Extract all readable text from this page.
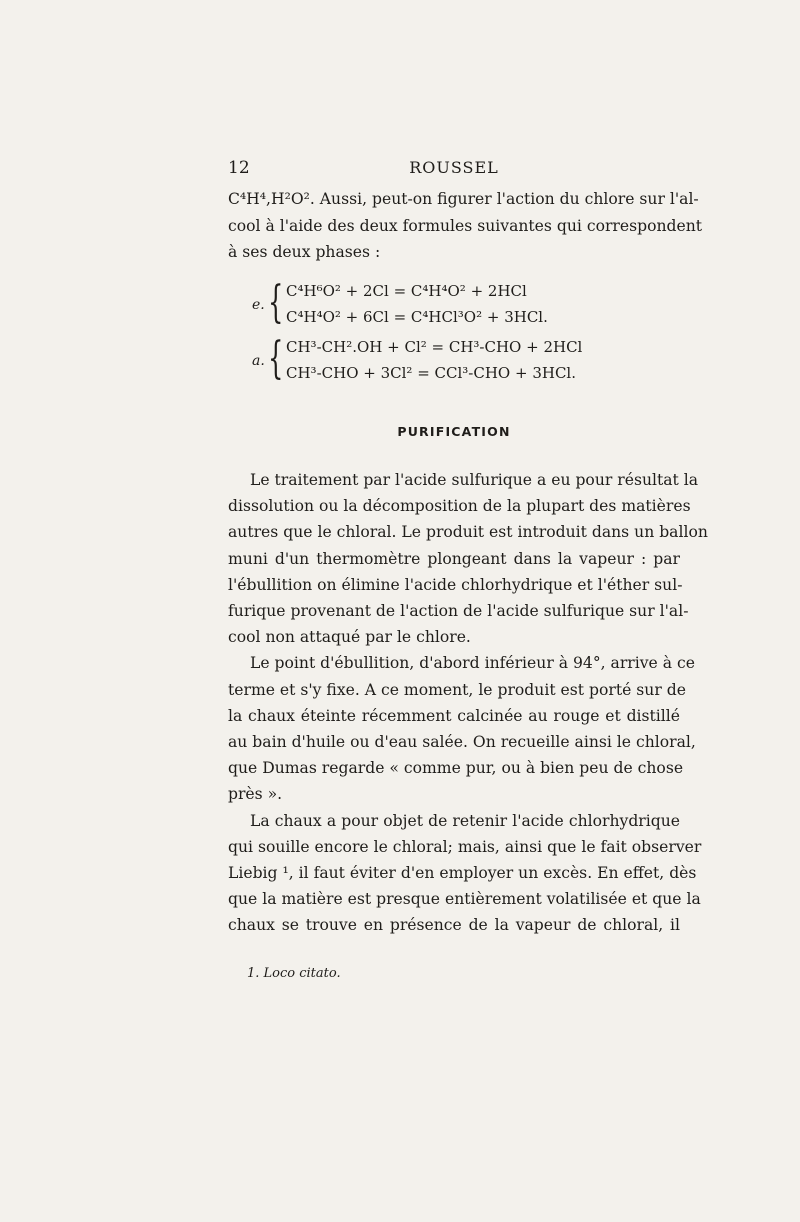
12	ROUSSEL
C⁴H⁴,H²O². Aussi, peut-on figurer l'action du chlore sur l'al-
cool à l'aide des deux formules suivantes qui correspondent
à ses deux phases :
e. { C⁴H⁶O² + 2Cl = C⁴H⁴O² + 2HCl
C⁴H⁴O² + 6Cl = C⁴HCl³O² + 3HCl.
a. { CH³-CH².OH + Cl² = CH³-CHO + 2HCl
CH³-CHO + 3Cl² = CCl³-CHO + 3HCl.
PURIFICATION
Le traitement par l'acide sulfurique a eu pour résultat la
dissolution ou la décomposition de la plupart des matières
autres que le chloral. Le produit est introduit dans un ballon
muni d'un thermomètre plongeant dans la vapeur : par
l'ébullition on élimine l'acide chlorhydrique et l'éther sul-
furique provenant de l'action de l'acide sulfurique sur l'al-
cool non attaqué par le chlore.
Le point d'ébullition, d'abord inférieur à 94°, arrive à ce
terme et s'y fixe. A ce moment, le produit est porté sur de
la chaux éteinte récemment calcinée au rouge et distillé
au bain d'huile ou d'eau salée. On recueille ainsi le chloral,
que Dumas regarde « comme pur, ou à bien peu de chose
près ».
La chaux a pour objet de retenir l'acide chlorhydrique
qui souille encore le chloral; mais, ainsi que le fait observer
Liebig ¹, il faut éviter d'en employer un excès. En effet, dès
que la matière est presque entièrement volatilisée et que la
chaux se trouve en présence de la vapeur de chloral, il
1. Loco citato.
